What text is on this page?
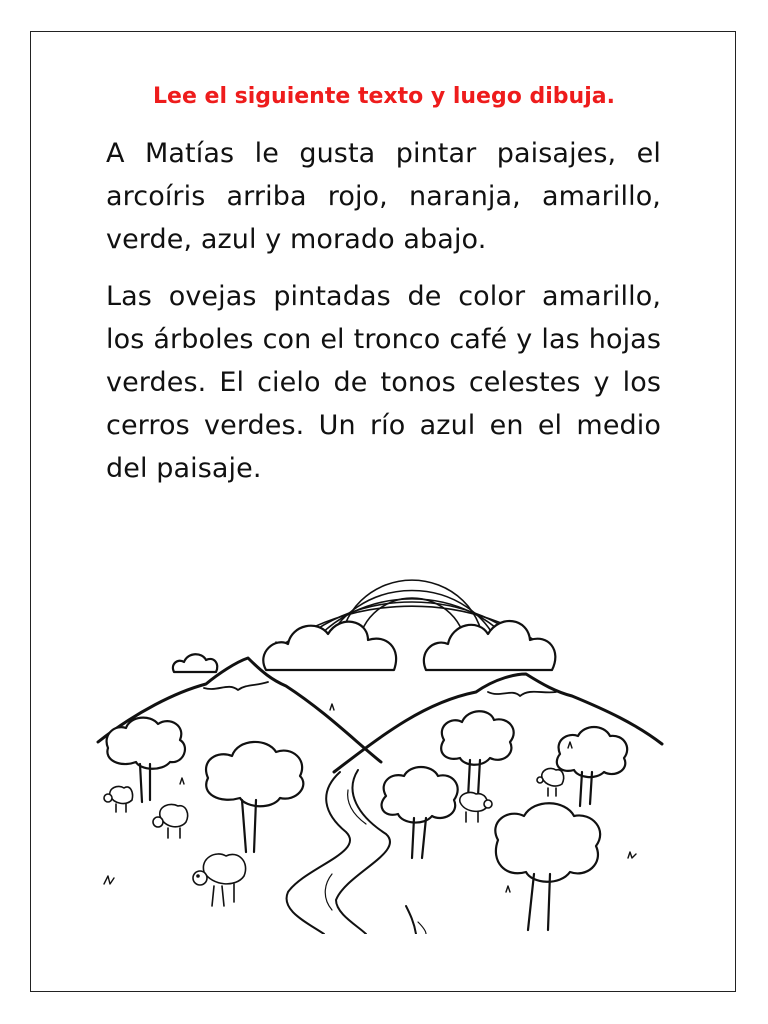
Lee el siguiente texto y luego dibuja.

A Matías le gusta pintar paisajes, el arcoíris arriba rojo, naranja, amarillo, verde, azul y morado abajo.

Las ovejas pintadas de color amarillo, los árboles con el tronco café y las hojas verdes. El cielo de tonos celestes y los cerros verdes. Un río azul en el medio del paisaje.
